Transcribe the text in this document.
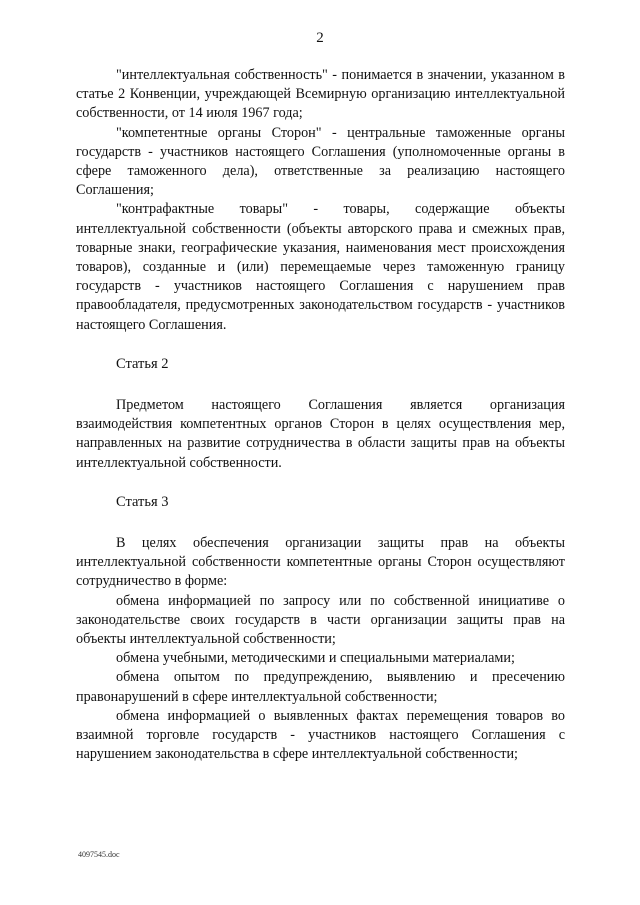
2

"интеллектуальная собственность" - понимается в значении, указанном в статье 2 Конвенции, учреждающей Всемирную организацию интеллектуальной собственности, от 14 июля 1967 года;

"компетентные органы Сторон" - центральные таможенные органы государств - участников настоящего Соглашения (уполномоченные органы в сфере таможенного дела), ответственные за реализацию настоящего Соглашения;

"контрафактные товары" - товары, содержащие объекты интеллектуальной собственности (объекты авторского права и смежных прав, товарные знаки, географические указания, наименования мест происхождения товаров), созданные и (или) перемещаемые через таможенную границу государств - участников настоящего Соглашения с нарушением прав правообладателя, предусмотренных законодательством государств - участников настоящего Соглашения.

Статья 2

Предметом настоящего Соглашения является организация взаимодействия компетентных органов Сторон в целях осуществления мер, направленных на развитие сотрудничества в области защиты прав на объекты интеллектуальной собственности.

Статья 3

В целях обеспечения организации защиты прав на объекты интеллектуальной собственности компетентные органы Сторон осуществляют сотрудничество в форме:

обмена информацией по запросу или по собственной инициативе о законодательстве своих государств в части организации защиты прав на объекты интеллектуальной собственности;

обмена учебными, методическими и специальными материалами;

обмена опытом по предупреждению, выявлению и пресечению правонарушений в сфере интеллектуальной собственности;

обмена информацией о выявленных фактах перемещения товаров во взаимной торговле государств - участников настоящего Соглашения с нарушением законодательства в сфере интеллектуальной собственности;

4097545.doc
